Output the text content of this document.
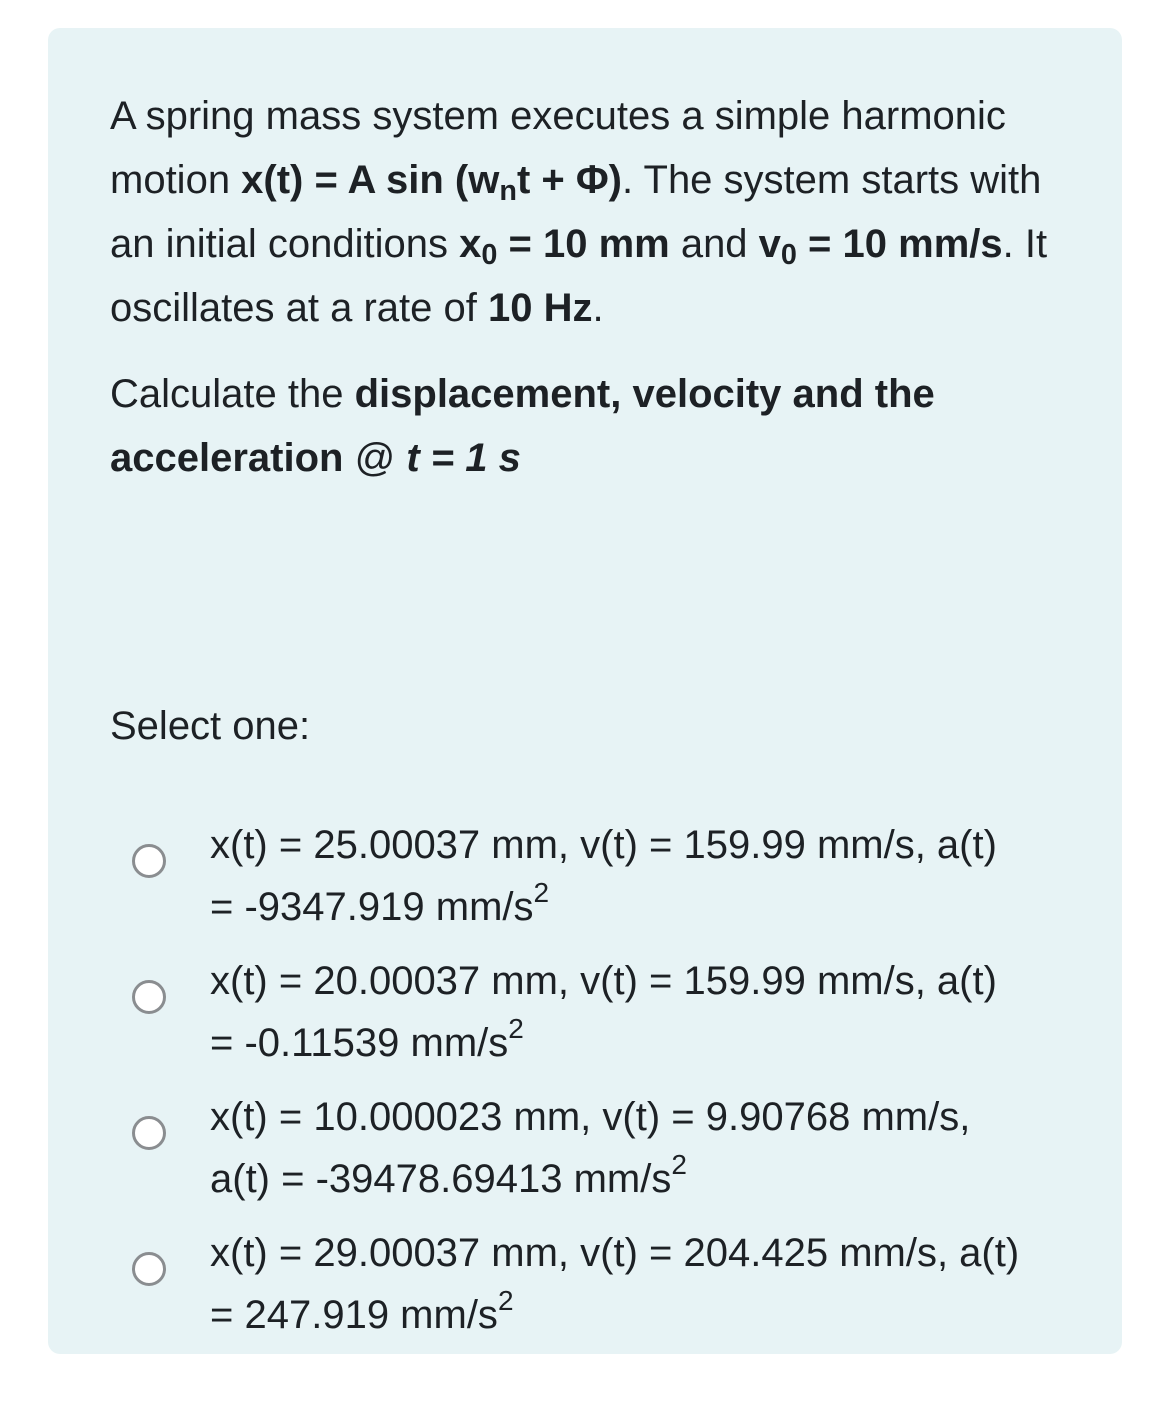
A spring mass system executes a simple harmonic motion x(t) = A $\sin (w_nt + \Phi)$. The system starts with an initial conditions $x_0 = 10$ mm and $v_0 = 10$ mm/s. It oscillates at a rate of 10 Hz.

Calculate the displacement, velocity and the acceleration @ t = 1 s

Select one:
x(t) = 25.00037 mm, v(t) = 159.99 mm/s, a(t) = -9347.919 $mm/s^2$
x(t) = 20.00037 mm, v(t) = 159.99 mm/s, a(t) = -0.11539 $mm/s^2$
x(t) = 10.000023 mm, v(t) = 9.90768 mm/s, a(t) = -39478.69413 $mm/s^2$
x(t) = 29.00037 mm, v(t) = 204.425 mm/s, a(t) = 247.919 $mm/s^2$
